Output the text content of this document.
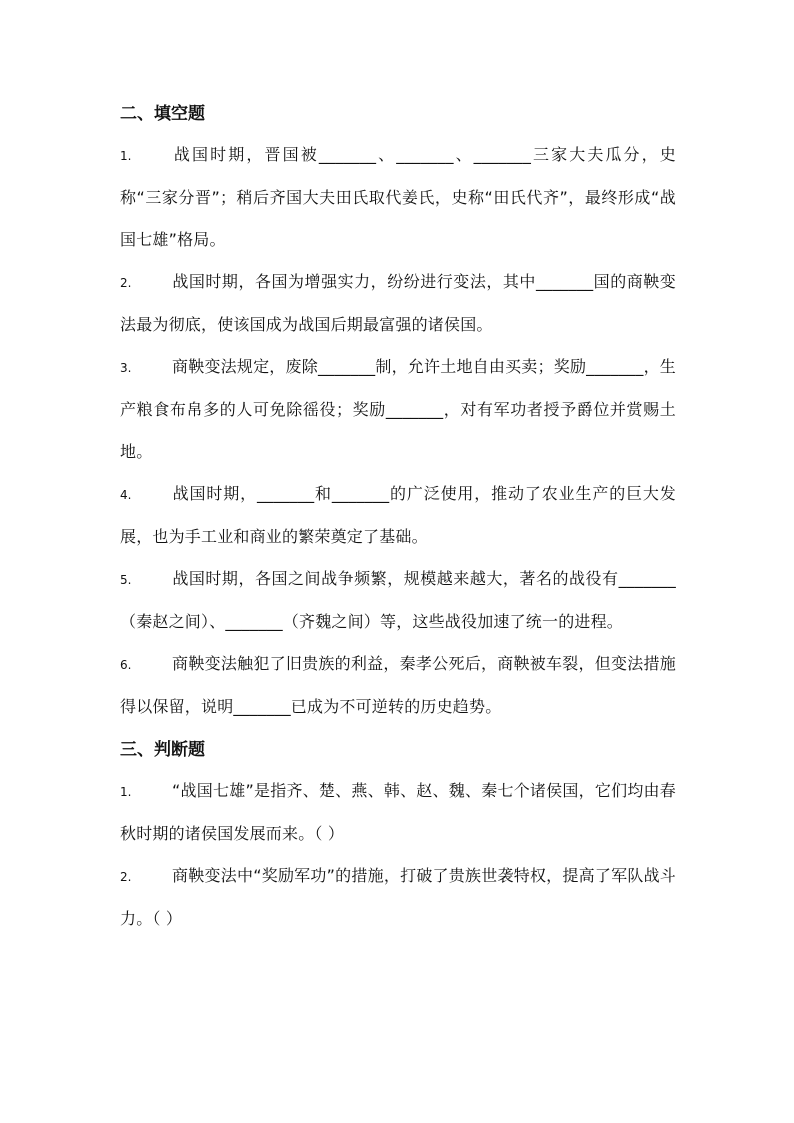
二、填空题

1.	战国时期，晋国被_______、_______、_______三家大夫瓜分，史称“三家分晋”；稍后齐国大夫田氏取代姜氏，史称“田氏代齐”，最终形成“战国七雄”格局。

2.	战国时期，各国为增强实力，纷纷进行变法，其中_______国的商鞅变法最为彻底，使该国成为战国后期最富强的诸侯国。

3.	商鞅变法规定，废除_______制，允许土地自由买卖；奖励_______，生产粮食布帛多的人可免除徭役；奖励_______，对有军功者授予爵位并赏赐土地。

4.	战国时期，_______和_______的广泛使用，推动了农业生产的巨大发展，也为手工业和商业的繁荣奠定了基础。

5.	战国时期，各国之间战争频繁，规模越来越大，著名的战役有_______（秦赵之间）、_______（齐魏之间）等，这些战役加速了统一的进程。

6.	商鞅变法触犯了旧贵族的利益，秦孝公死后，商鞅被车裂，但变法措施得以保留，说明_______已成为不可逆转的历史趋势。

三、判断题

1.	“战国七雄”是指齐、楚、燕、韩、赵、魏、秦七个诸侯国，它们均由春秋时期的诸侯国发展而来。（ ）

2.	商鞅变法中“奖励军功”的措施，打破了贵族世袭特权，提高了军队战斗力。（ ）
